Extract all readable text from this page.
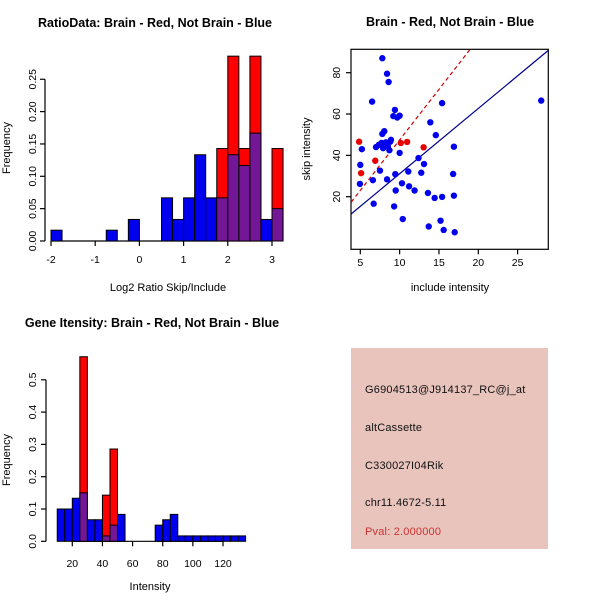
-2	-1	0	1	2	3
0.00
0.05
0.10
0.15
0.20
0.25
RatioData: Brain - Red, Not Brain - Blue
Log2 Ratio Skip/Include
Frequency
5	10	15	20	25
20
40
60
80
Brain - Red, Not Brain - Blue
include intensity
skip intensity
20 40 60 80 100 120
0.0
0.1
0.2
0.3
0.4
0.5
Gene Itensity: Brain - Red, Not Brain - Blue
Intensity
Frequency
G6904513@J914137_RC@j_at
altCassette
C330027I04Rik
chr11.4672-5.11
Pval: 2.000000
